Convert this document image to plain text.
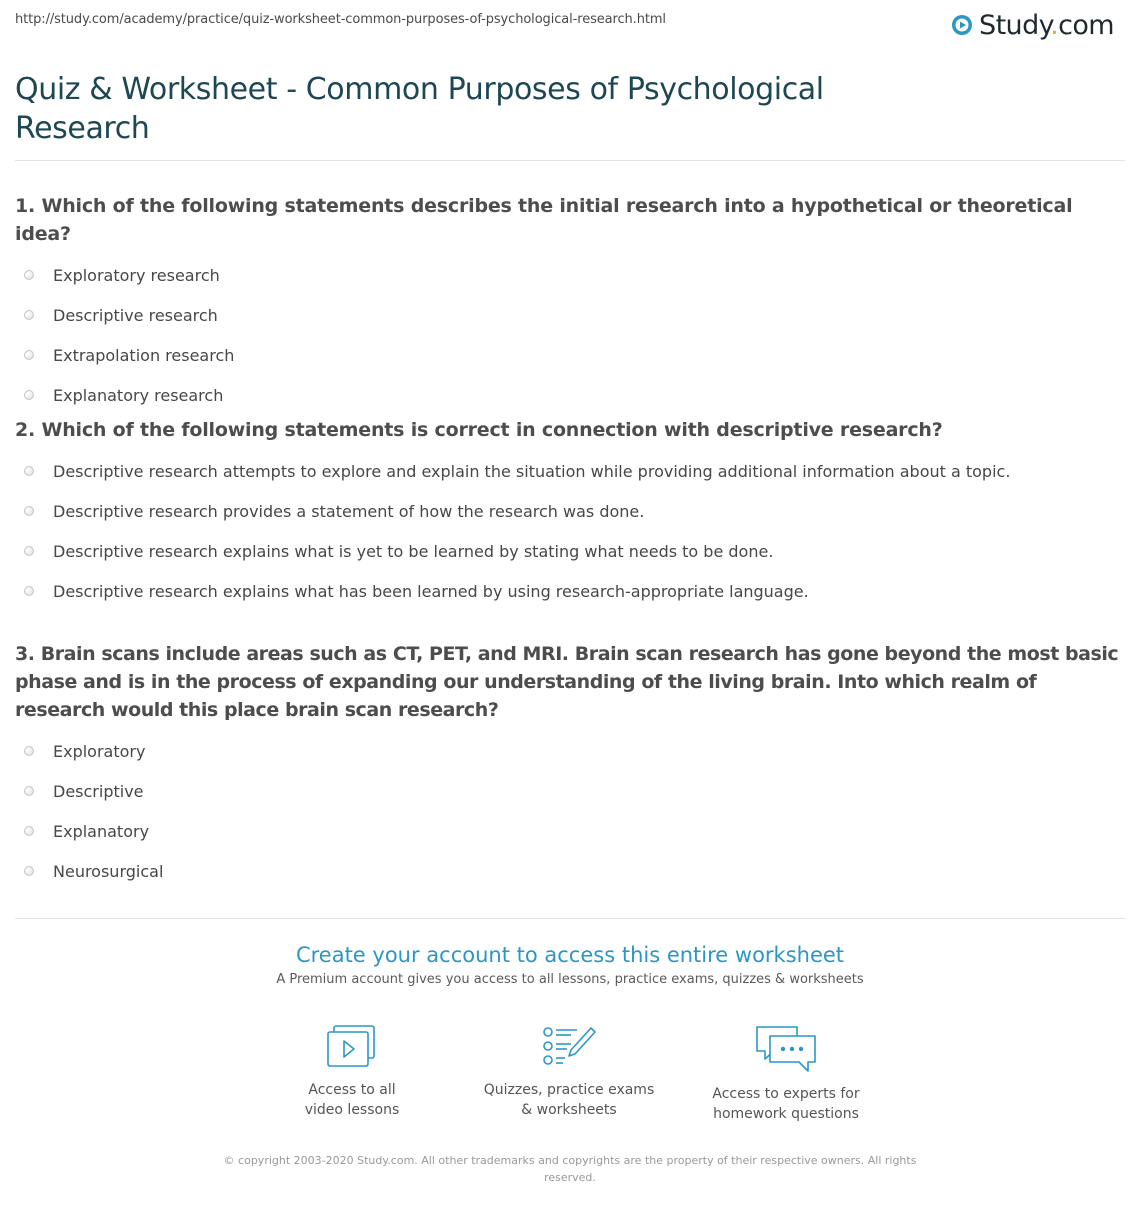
http://study.com/academy/practice/quiz-worksheet-common-purposes-of-psychological-research.html	Study.com
Quiz & Worksheet - Common Purposes of Psychological Research

1. Which of the following statements describes the initial research into a hypothetical or theoretical idea?

Exploratory research
Descriptive research
Extrapolation research
Explanatory research

2. Which of the following statements is correct in connection with descriptive research?

Descriptive research attempts to explore and explain the situation while providing additional information about a topic.
Descriptive research provides a statement of how the research was done.
Descriptive research explains what is yet to be learned by stating what needs to be done.
Descriptive research explains what has been learned by using research-appropriate language.

3. Brain scans include areas such as CT, PET, and MRI. Brain scan research has gone beyond the most basic phase and is in the process of expanding our understanding of the living brain. Into which realm of research would this place brain scan research?

Exploratory
Descriptive
Explanatory
Neurosurgical
Create your account to access this entire worksheet

A Premium account gives you access to all lessons, practice exams, quizzes & worksheets

Access to all
video lessons
Quizzes, practice exams
& worksheets
Access to experts for
homework questions
© copyright 2003-2020 Study.com. All other trademarks and copyrights are the property of their respective owners. All rights reserved.
